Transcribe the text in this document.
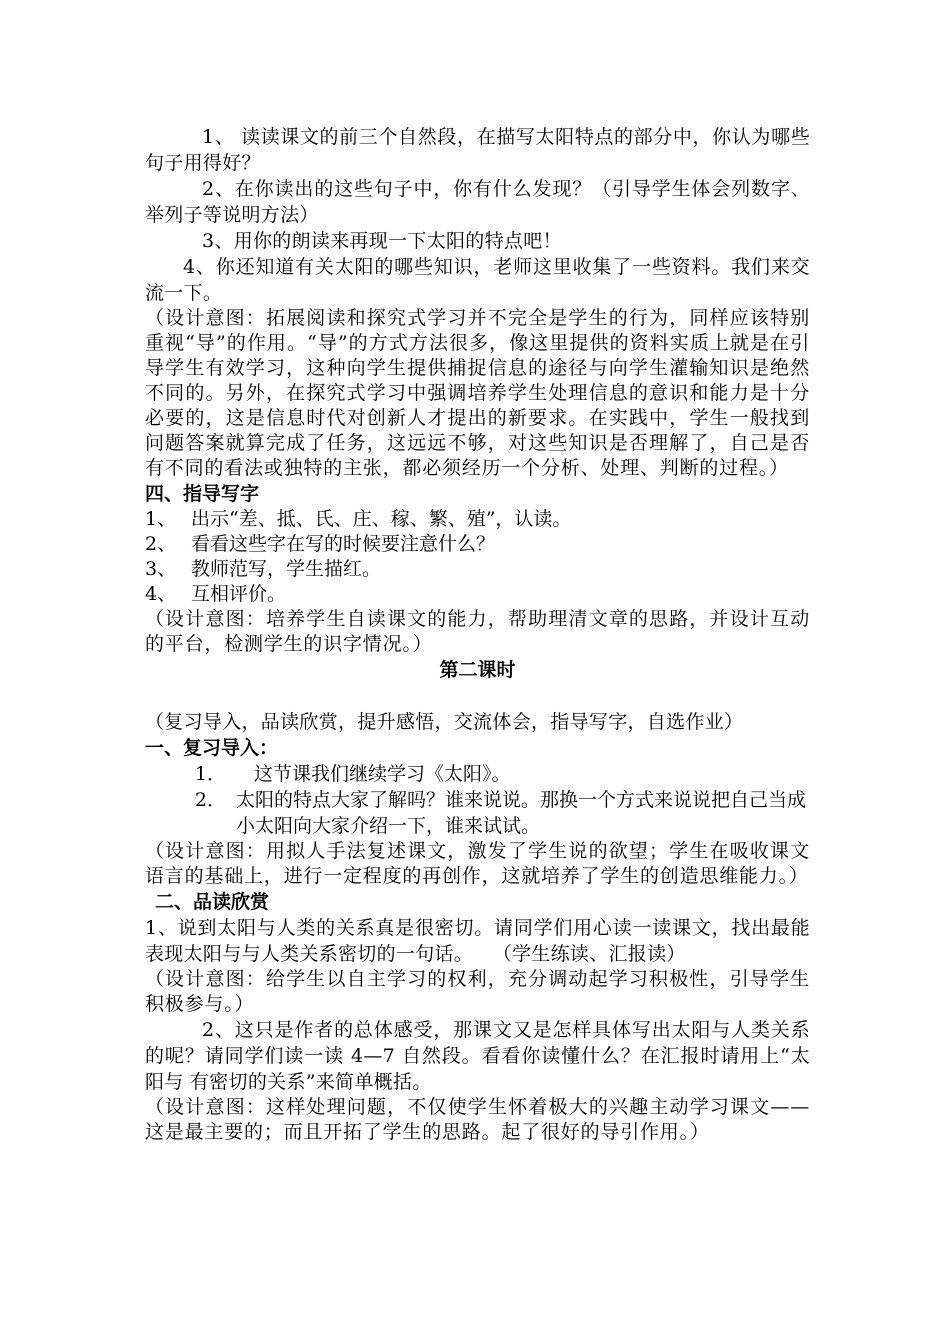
1、 读读课文的前三个自然段，在描写太阳特点的部分中，你认为哪些句子用得好？

2、在你读出的这些句子中，你有什么发现？（引导学生体会列数字、举列子等说明方法）

3、用你的朗读来再现一下太阳的特点吧！

4、你还知道有关太阳的哪些知识，老师这里收集了一些资料。我们来交流一下。

（设计意图：拓展阅读和探究式学习并不完全是学生的行为，同样应该特别重视“导”的作用。“导”的方式方法很多，像这里提供的资料实质上就是在引导学生有效学习，这种向学生提供捕捉信息的途径与向学生灌输知识是绝然不同的。另外，在探究式学习中强调培养学生处理信息的意识和能力是十分必要的，这是信息时代对创新人才提出的新要求。在实践中，学生一般找到问题答案就算完成了任务，这远远不够，对这些知识是否理解了，自己是否有不同的看法或独特的主张，都必须经历一个分析、处理、判断的过程。）

四、指导写字

1、 出示“差、抵、氏、庄、稼、繁、殖”，认读。
2、 看看这些字在写的时候要注意什么？
3、 教师范写，学生描红。
4、 互相评价。

（设计意图：培养学生自读课文的能力，帮助理清文章的思路，并设计互动的平台，检测学生的识字情况。）

第二课时

（复习导入，品读欣赏，提升感悟，交流体会，指导写字，自选作业）

一、复习导入：

1．	这节课我们继续学习《太阳》。
2． 太阳的特点大家了解吗？谁来说说。那换一个方式来说说把自己当成小太阳向大家介绍一下，谁来试试。

（设计意图：用拟人手法复述课文，激发了学生说的欲望；学生在吸收课文语言的基础上，进行一定程度的再创作，这就培养了学生的创造思维能力。）

二、品读欣赏

1、说到太阳与人类的关系真是很密切。请同学们用心读一读课文，找出最能表现太阳与与人类关系密切的一句话。　　（学生练读、汇报读）

（设计意图：给学生以自主学习的权利，充分调动起学习积极性，引导学生积极参与。）

2、这只是作者的总体感受，那课文又是怎样具体写出太阳与人类关系的呢？请同学们读一读 4—7 自然段。看看你读懂什么？在汇报时请用上“太阳与 有密切的关系”来简单概括。

（设计意图：这样处理问题，不仅使学生怀着极大的兴趣主动学习课文——这是最主要的；而且开拓了学生的思路。起了很好的导引作用。）
